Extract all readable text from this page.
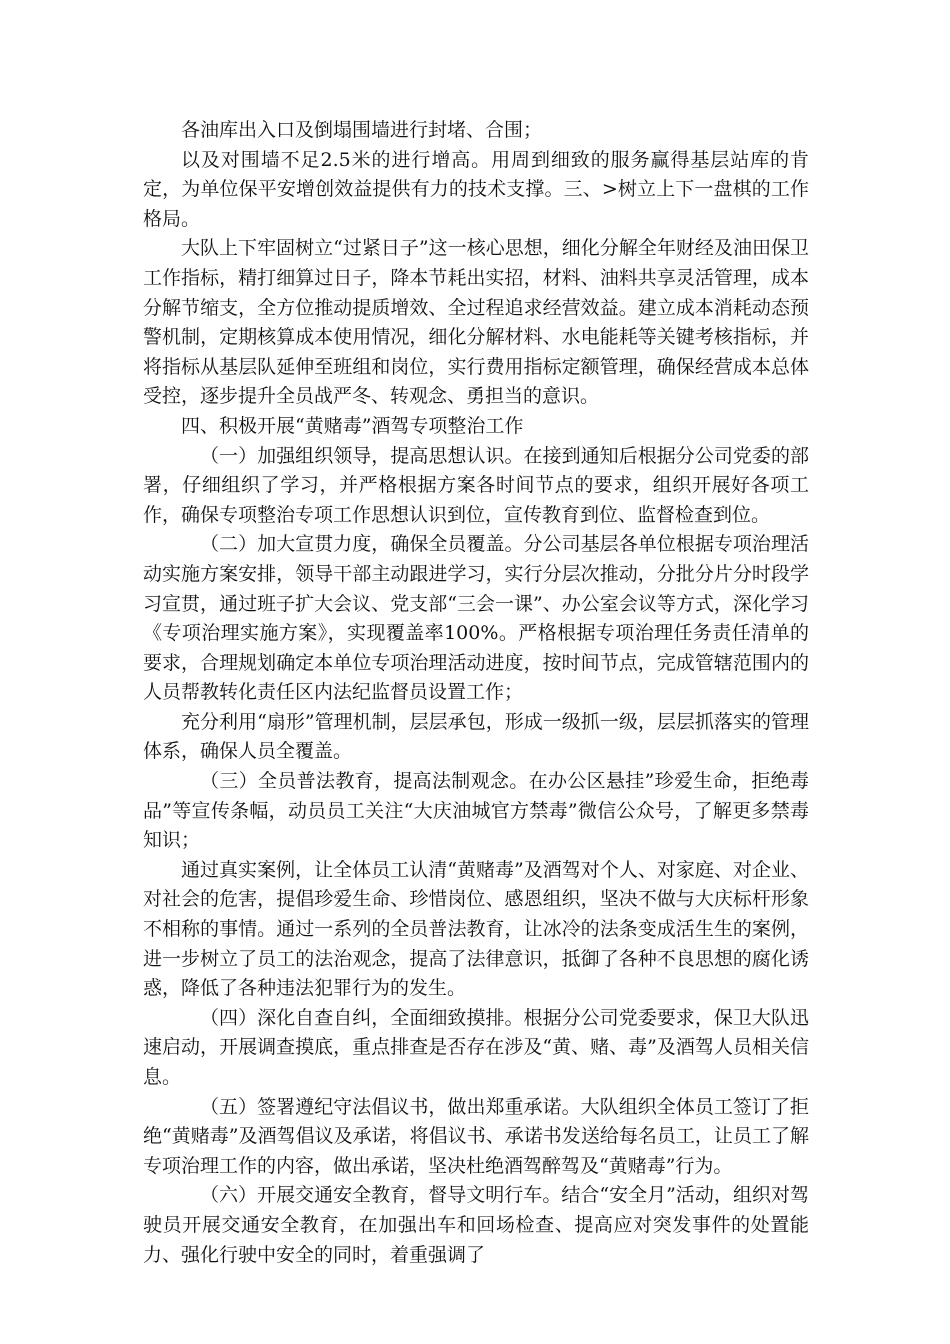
各油库出入口及倒塌围墙进行封堵、合围；

以及对围墙不足2.5米的进行增高。用周到细致的服务赢得基层站库的肯定，为单位保平安增创效益提供有力的技术支撑。三、>树立上下一盘棋的工作格局。

大队上下牢固树立“过紧日子”这一核心思想，细化分解全年财经及油田保卫工作指标，精打细算过日子，降本节耗出实招，材料、油料共享灵活管理，成本分解节缩支，全方位推动提质增效、全过程追求经营效益。建立成本消耗动态预警机制，定期核算成本使用情况，细化分解材料、水电能耗等关键考核指标，并将指标从基层队延伸至班组和岗位，实行费用指标定额管理，确保经营成本总体受控，逐步提升全员战严冬、转观念、勇担当的意识。

四、积极开展“黄赌毒”酒驾专项整治工作

（一）加强组织领导，提高思想认识。在接到通知后根据分公司党委的部署，仔细组织了学习，并严格根据方案各时间节点的要求，组织开展好各项工作，确保专项整治专项工作思想认识到位，宣传教育到位、监督检查到位。

（二）加大宣贯力度，确保全员覆盖。分公司基层各单位根据专项治理活动实施方案安排，领导干部主动跟进学习，实行分层次推动，分批分片分时段学习宣贯，通过班子扩大会议、党支部“三会一课”、办公室会议等方式，深化学习《专项治理实施方案》，实现覆盖率100%。严格根据专项治理任务责任清单的要求，合理规划确定本单位专项治理活动进度，按时间节点，完成管辖范围内的人员帮教转化责任区内法纪监督员设置工作；

充分利用“扇形”管理机制，层层承包，形成一级抓一级，层层抓落实的管理体系，确保人员全覆盖。

（三）全员普法教育，提高法制观念。在办公区悬挂”珍爱生命，拒绝毒品”等宣传条幅，动员员工关注“大庆油城官方禁毒”微信公众号，了解更多禁毒知识；

通过真实案例，让全体员工认清“黄赌毒”及酒驾对个人、对家庭、对企业、对社会的危害，提倡珍爱生命、珍惜岗位、感恩组织，坚决不做与大庆标杆形象不相称的事情。通过一系列的全员普法教育，让冰冷的法条变成活生生的案例，进一步树立了员工的法治观念，提高了法律意识，抵御了各种不良思想的腐化诱惑，降低了各种违法犯罪行为的发生。

（四）深化自查自纠，全面细致摸排。根据分公司党委要求，保卫大队迅速启动，开展调查摸底，重点排查是否存在涉及“黄、赌、毒”及酒驾人员相关信息。

（五）签署遵纪守法倡议书，做出郑重承诺。大队组织全体员工签订了拒绝“黄赌毒”及酒驾倡议及承诺，将倡议书、承诺书发送给每名员工，让员工了解专项治理工作的内容，做出承诺，坚决杜绝酒驾醉驾及“黄赌毒”行为。

（六）开展交通安全教育，督导文明行车。结合“安全月”活动，组织对驾驶员开展交通安全教育，在加强出车和回场检查、提高应对突发事件的处置能力、强化行驶中安全的同时，着重强调了
